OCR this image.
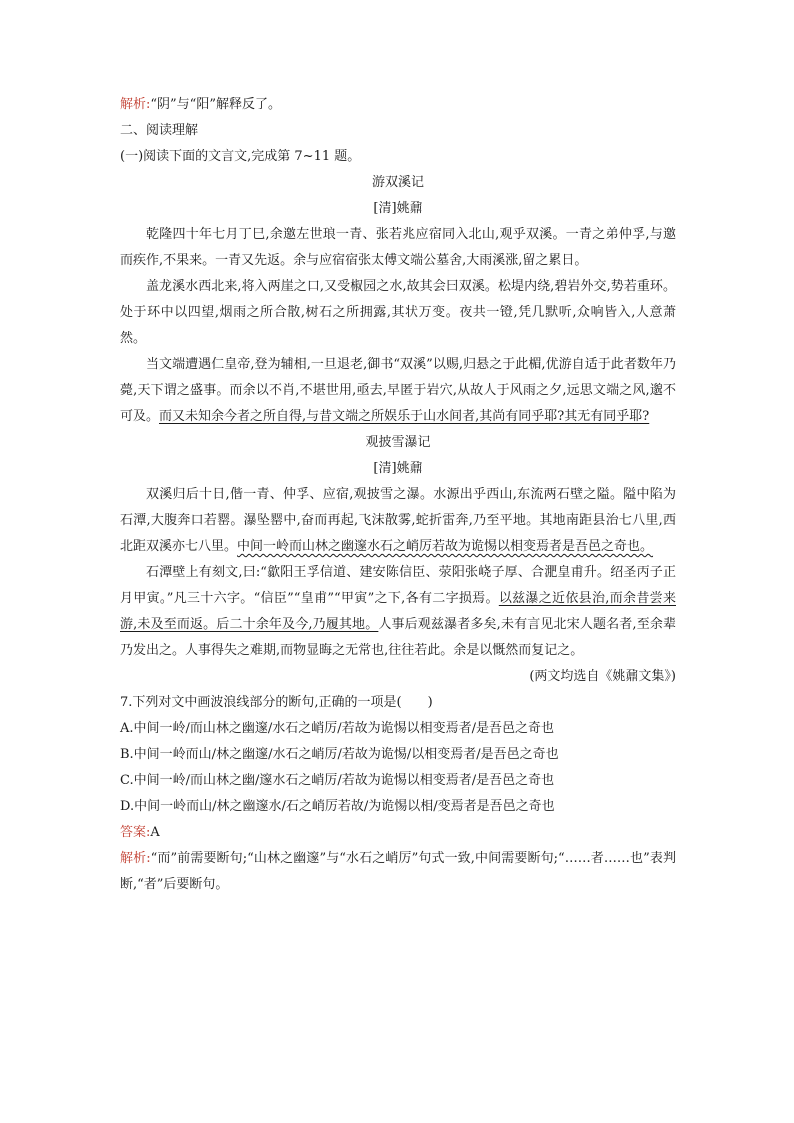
解析:“阴”与“阳”解释反了。
二、阅读理解
(一)阅读下面的文言文,完成第 7~11 题。
游双溪记
[清]姚鼐
乾隆四十年七月丁巳,余邀左世琅一青、张若兆应宿同入北山,观乎双溪。一青之弟仲孚,与邀而疾作,不果来。一青又先返。余与应宿宿张太傅文端公墓舍,大雨溪涨,留之累日。
盖龙溪水西北来,将入两崖之口,又受椒园之水,故其会曰双溪。松堤内绕,碧岩外交,势若重环。处于环中以四望,烟雨之所合散,树石之所拥露,其状万变。夜共一镫,凭几默听,众响皆入,人意萧然。
当文端遭遇仁皇帝,登为辅相,一旦退老,御书“双溪”以赐,归悬之于此楣,优游自适于此者数年乃薨,天下谓之盛事。而余以不肖,不堪世用,亟去,早匿于岩穴,从故人于风雨之夕,远思文端之风,邈不可及。而又未知余今者之所自得,与昔文端之所娱乐于山水间者,其尚有同乎耶?其无有同乎耶?
观披雪瀑记
[清]姚鼐
双溪归后十日,偕一青、仲孚、应宿,观披雪之瀑。水源出乎西山,东流两石壁之隘。隘中陷为石潭,大腹奔口若罂。瀑坠罂中,奋而再起,飞沫散雾,蛇折雷奔,乃至平地。其地南距县治七八里,西北距双溪亦七八里。中间一岭而山林之幽邃水石之峭厉若故为诡惕以相变焉者是吾邑之奇也。
石潭壁上有刻文,曰:“歙阳王孚信道、建安陈信臣、荥阳张峣子厚、合淝皇甫升。绍圣丙子正月甲寅。”凡三十六字。“信臣”“皇甫”“甲寅”之下,各有二字损焉。以兹瀑之近依县治,而余昔尝来游,未及至而返。后二十余年及今,乃履其地。人事后观兹瀑者多矣,未有言见北宋人题名者,至余辈乃发出之。人事得失之难期,而物显晦之无常也,往往若此。余是以慨然而复记之。
(两文均选自《姚鼐文集》)
7.下列对文中画波浪线部分的断句,正确的一项是(　　)
A.中间一岭/而山林之幽邃/水石之峭厉/若故为诡惕以相变焉者/是吾邑之奇也
B.中间一岭而山/林之幽邃/水石之峭厉/若故为诡惕/以相变焉者/是吾邑之奇也
C.中间一岭/而山林之幽/邃水石之峭厉/若故为诡惕以相变焉者/是吾邑之奇也
D.中间一岭而山/林之幽邃水/石之峭厉若故/为诡惕以相/变焉者是吾邑之奇也
答案:A
解析:“而”前需要断句;“山林之幽邃”与“水石之峭厉”句式一致,中间需要断句;“……者……也”表判断,“者”后要断句。
